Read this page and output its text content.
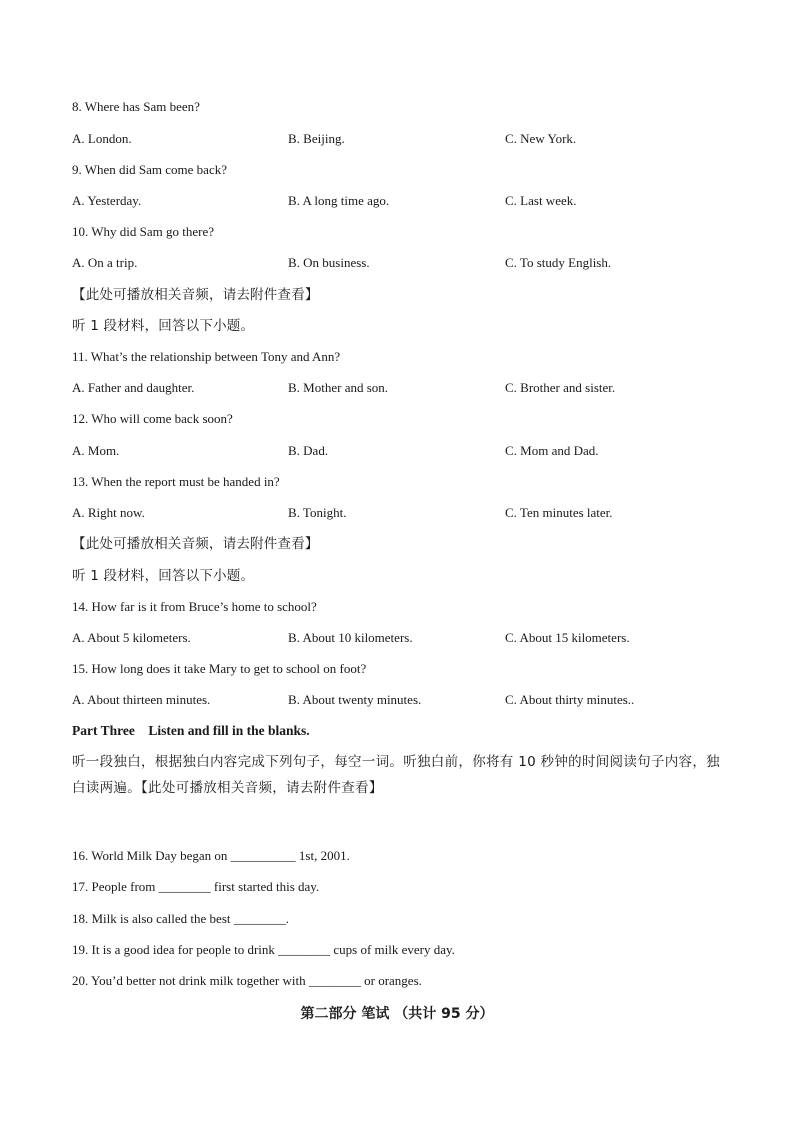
8. Where has Sam been?
A. London.	B. Beijing.	C. New York.
9. When did Sam come back?
A. Yesterday.	B. A long time ago.	C. Last week.
10. Why did Sam go there?
A. On a trip.	B. On business.	C. To study English.
【此处可播放相关音频，请去附件查看】
听 1 段材料，回答以下小题。
11. What’s the relationship between Tony and Ann?
A. Father and daughter.	B. Mother and son.	C. Brother and sister.
12. Who will come back soon?
A. Mom.	B. Dad.	C. Mom and Dad.
13. When the report must be handed in?
A. Right now.	B. Tonight.	C. Ten minutes later.
【此处可播放相关音频，请去附件查看】
听 1 段材料，回答以下小题。
14. How far is it from Bruce’s home to school?
A. About 5 kilometers.	B. About 10 kilometers.	C. About 15 kilometers.
15. How long does it take Mary to get to school on foot?
A. About thirteen minutes.	B. About twenty minutes.	C. About thirty minutes..
Part Three    Listen and fill in the blanks.
听一段独白，根据独白内容完成下列句子，每空一词。听独白前，你将有 10 秒钟的时间阅读句子内容，独白读两遍。【此处可播放相关音频，请去附件查看】
16. World Milk Day began on __________ 1st, 2001.
17. People from ________ first started this day.
18. Milk is also called the best ________.
19. It is a good idea for people to drink ________ cups of milk every day.
20. You’d better not drink milk together with ________ or oranges.
第二部分 笔试 （共计 95 分）
